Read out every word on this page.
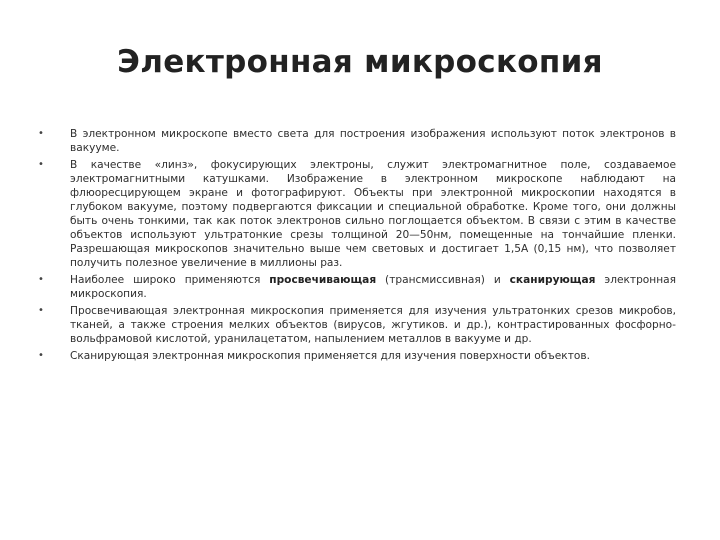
Электронная микроскопия
• В электронном микроскопе вместо света для построения изображения используют поток электронов в вакууме.
• В качестве «линз», фокусирующих электроны, служит электромагнитное поле, создаваемое электромагнитными катушками. Изображение в электронном микроскопе наблюдают на флюоресцирующем экране и фотографируют. Объекты при электронной микроскопии находятся в глубоком вакууме, поэтому подвергаются фиксации и специальной обработке. Кроме того, они должны быть очень тонкими, так как поток электронов сильно поглощается объектом. В связи с этим в качестве объектов используют ультратонкие срезы толщиной 20—50нм, помещенные на тончайшие пленки. Разрешающая микроскопов значительно выше чем световых и достигает 1,5А (0,15 нм), что позволяет получить полезное увеличение в миллионы раз.
• Наиболее широко применяются просвечивающая (трансмиссивная) и сканирующая электронная микроскопия.
• Просвечивающая электронная микроскопия применяется для изучения ультратонких срезов микробов, тканей, а также строения мелких объектов (вирусов, жгутиков. и др.), контрастированных фосфорно-вольфрамовой кислотой, уранилацетатом, напылением металлов в вакууме и др.
• Сканирующая электронная микроскопия применяется для изучения поверхности объектов.
